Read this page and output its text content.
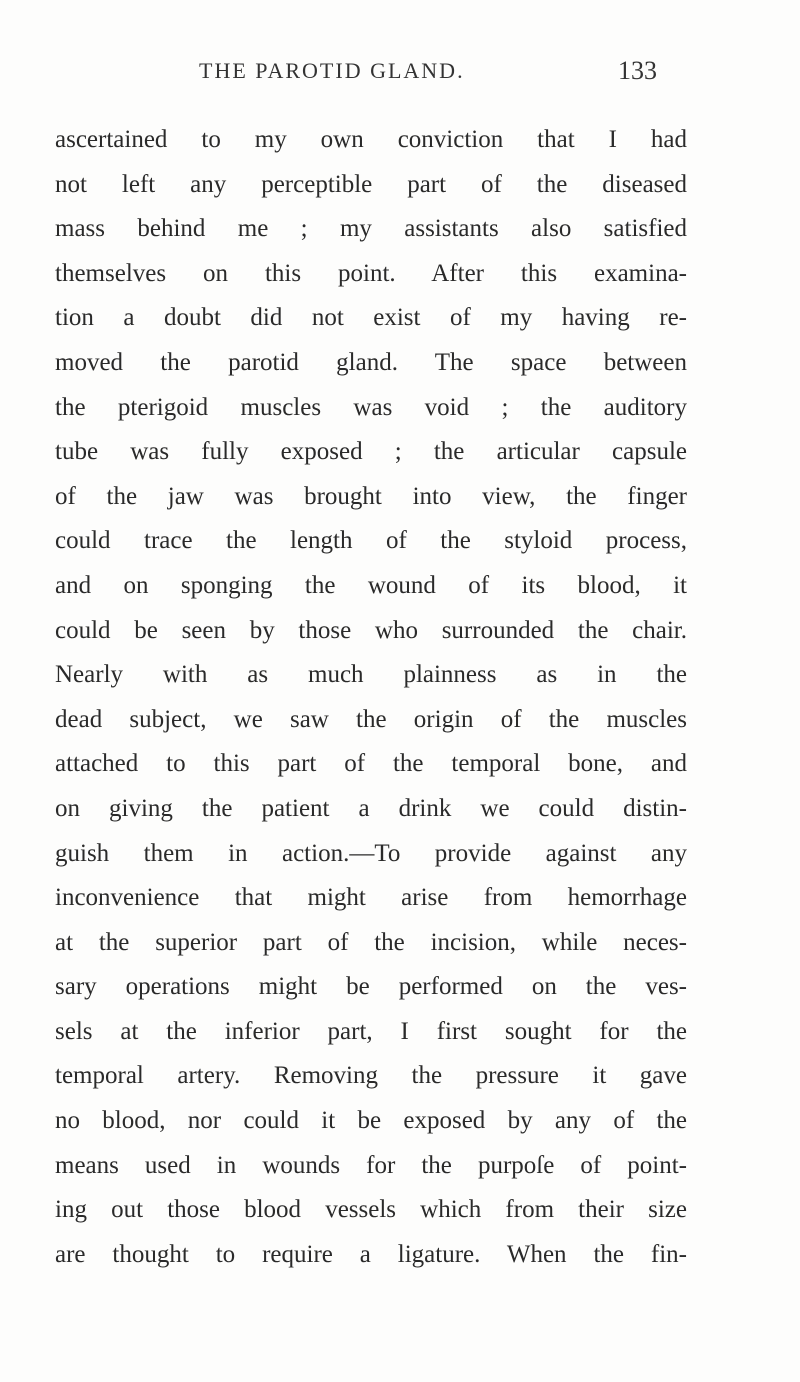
THE PAROTID GLAND.	133
ascertained to my own conviction that I had
not left any perceptible part of the diseased
mass behind me ; my assistants also satisfied
themselves on this point. After this examina-
tion a doubt did not exist of my having re-
moved the parotid gland. The space between
the pterigoid muscles was void ; the auditory
tube was fully exposed ; the articular capsule
of the jaw was brought into view, the finger
could trace the length of the styloid process,
and on sponging the wound of its blood, it
could be seen by those who surrounded the chair.
Nearly with as much plainness as in the
dead subject, we saw the origin of the muscles
attached to this part of the temporal bone, and
on giving the patient a drink we could distin-
guish them in action.—To provide against any
inconvenience that might arise from hemorrhage
at the superior part of the incision, while neces-
sary operations might be performed on the ves-
sels at the inferior part, I first sought for the
temporal artery. Removing the pressure it gave
no blood, nor could it be exposed by any of the
means used in wounds for the purpoſe of point-
ing out those blood vessels which from their size
are thought to require a ligature. When the fin-
